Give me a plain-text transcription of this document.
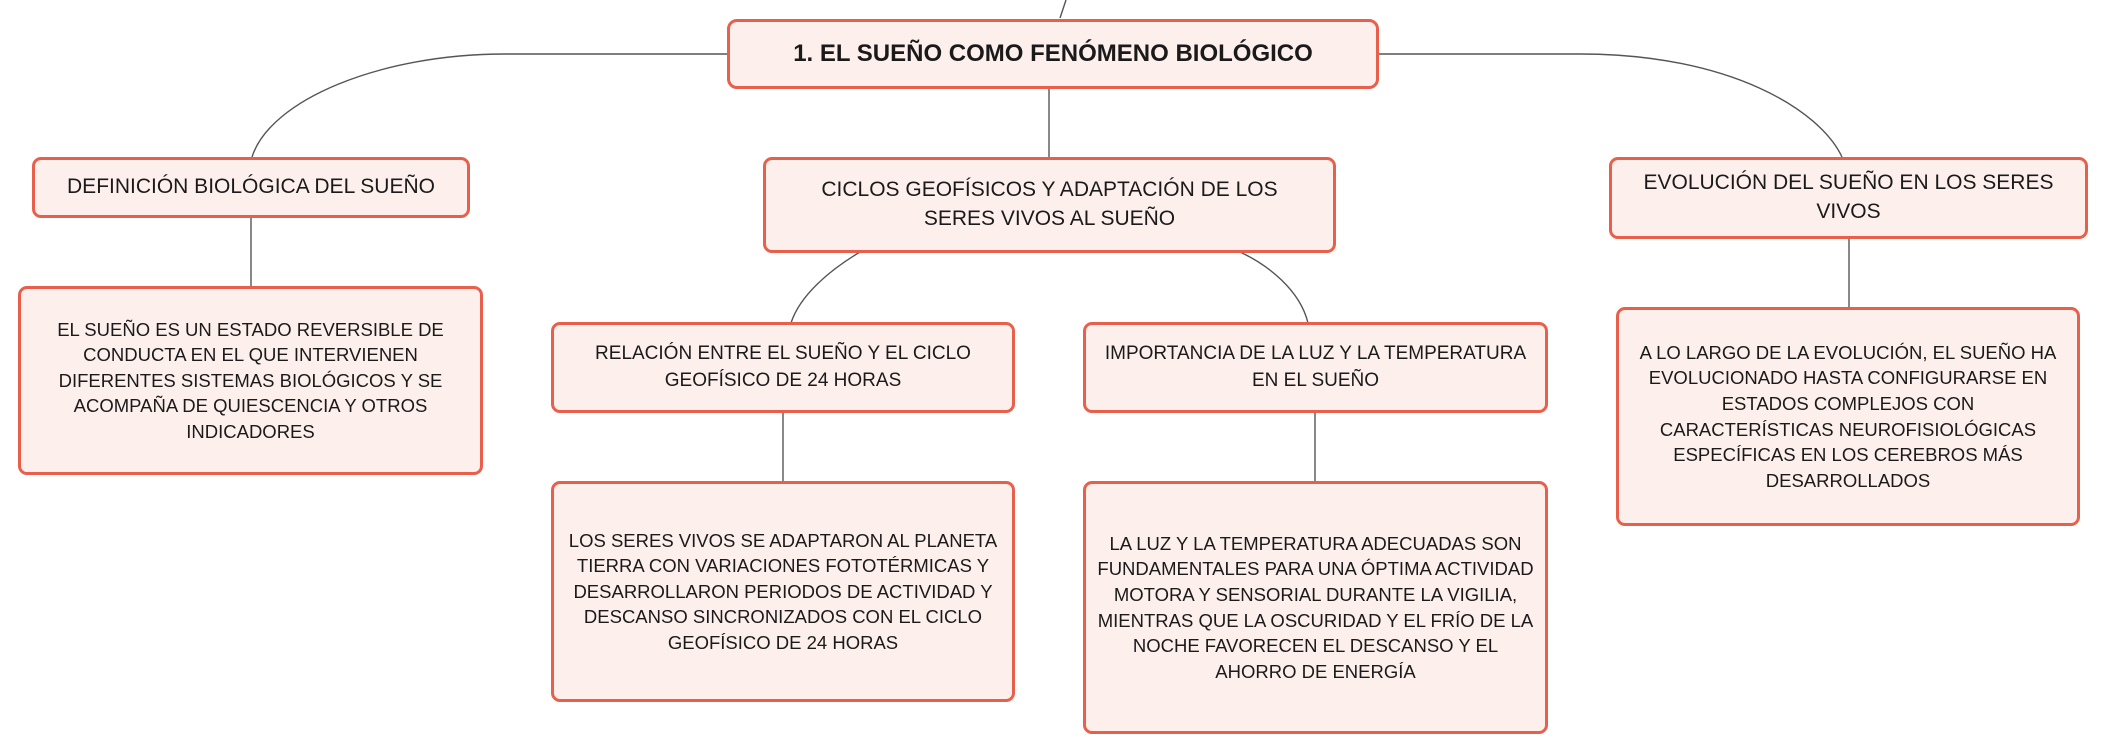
1. EL SUEÑO COMO FENÓMENO BIOLÓGICO
DEFINICIÓN BIOLÓGICA DEL SUEÑO	CICLOS GEOFÍSICOS Y ADAPTACIÓN DE LOS SERES VIVOS AL SUEÑO
EVOLUCIÓN DEL SUEÑO EN LOS SERES VIVOS
EL SUEÑO ES UN ESTADO REVERSIBLE DE CONDUCTA EN EL QUE INTERVIENEN DIFERENTES SISTEMAS BIOLÓGICOS Y SE ACOMPAÑA DE QUIESCENCIA Y OTROS INDICADORES
RELACIÓN ENTRE EL SUEÑO Y EL CICLO GEOFÍSICO DE 24 HORAS
IMPORTANCIA DE LA LUZ Y LA TEMPERATURA EN EL SUEÑO
LOS SERES VIVOS SE ADAPTARON AL PLANETA TIERRA CON VARIACIONES FOTOTÉRMICAS Y DESARROLLARON PERIODOS DE ACTIVIDAD Y DESCANSO SINCRONIZADOS CON EL CICLO GEOFÍSICO DE 24 HORAS
LA LUZ Y LA TEMPERATURA ADECUADAS SON FUNDAMENTALES PARA UNA ÓPTIMA ACTIVIDAD MOTORA Y SENSORIAL DURANTE LA VIGILIA, MIENTRAS QUE LA OSCURIDAD Y EL FRÍO DE LA NOCHE FAVORECEN EL DESCANSO Y EL AHORRO DE ENERGÍA
A LO LARGO DE LA EVOLUCIÓN, EL SUEÑO HA EVOLUCIONADO HASTA CONFIGURARSE EN ESTADOS COMPLEJOS CON CARACTERÍSTICAS NEUROFISIOLÓGICAS ESPECÍFICAS EN LOS CEREBROS MÁS DESARROLLADOS
